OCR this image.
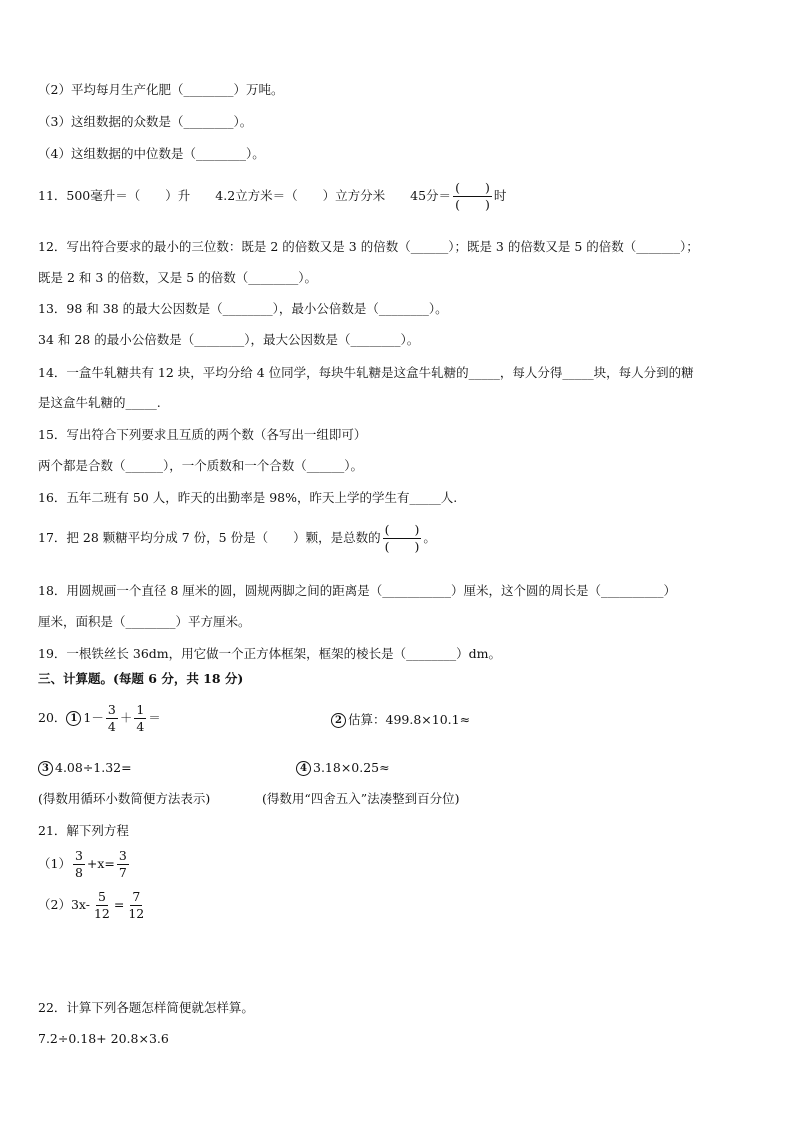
（2）平均每月生产化肥（________）万吨。
（3）这组数据的众数是（________）。
（4）这组数据的中位数是（________）。
11．500毫升＝（　　）升　　4.2立方米＝（　　）立方分米　　45分＝ $\frac{( )}{( )}$ 时
12．写出符合要求的最小的三位数：既是 2 的倍数又是 3 的倍数（______）；既是 3 的倍数又是 5 的倍数（_______）；
既是 2 和 3 的倍数，又是 5 的倍数（________）。
13．98 和 38 的最大公因数是（________），最小公倍数是（________）。
34 和 28 的最小公倍数是（________），最大公因数是（________）。
14．一盒牛轧糖共有 12 块，平均分给 4 位同学，每块牛轧糖是这盒牛轧糖的_____，每人分得_____块，每人分到的糖
是这盒牛轧糖的_____.
15．写出符合下列要求且互质的两个数（各写出一组即可）
两个都是合数（______），一个质数和一个合数（______）。
16．五年二班有 50 人，昨天的出勤率是 98%，昨天上学的学生有_____人.
17．把 28 颗糖平均分成 7 份，5 份是（　　）颗，是总数的 $\frac{( )}{( )}$ 。
18．用圆规画一个直径 8 厘米的圆，圆规两脚之间的距离是（___________）厘米，这个圆的周长是（__________）
厘米，面积是（________）平方厘米。
19．一根铁丝长 36dm，用它做一个正方体框架，框架的棱长是（________）dm。
三、计算题。(每题 6 分，共 18 分)
20． 1 $1- \frac{3}{4} + \frac{1}{4}$ ＝	2 估算：499.8×10.1≈
3 4.08÷1.32=	4 3.18×0.25≈
(得数用循环小数简便方法表示)	(得数用“四舍五入”法凑整到百分位)
21．解下列方程
$(1) \frac{3}{8} +x= \frac{3}{7}$
$(2)3x- \frac{5}{12} = \frac{7}{12}$
22．计算下列各题怎样简便就怎样算。
7.2÷0.18+ 20.8×3.6
